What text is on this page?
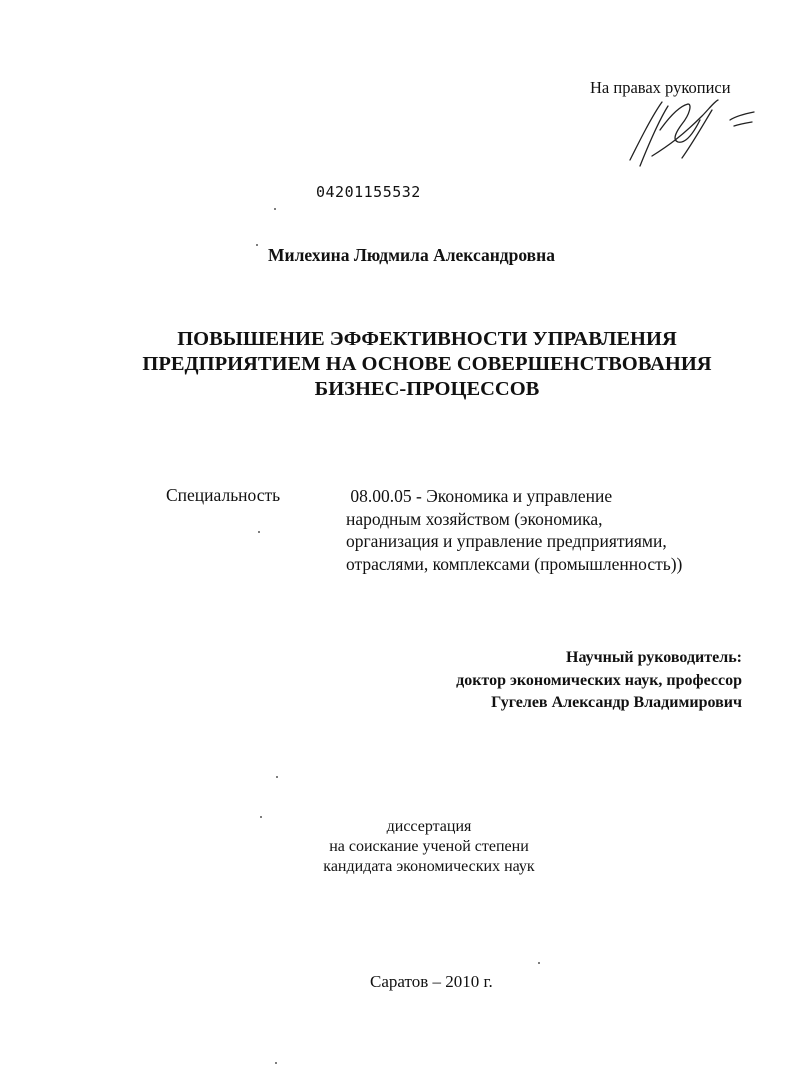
На правах рукописи
04201155532
Милехина Людмила Александровна
ПОВЫШЕНИЕ ЭФФЕКТИВНОСТИ УПРАВЛЕНИЯ
ПРЕДПРИЯТИЕМ НА ОСНОВЕ СОВЕРШЕНСТВОВАНИЯ
БИЗНЕС-ПРОЦЕССОВ
Специальность	08.00.05 - Экономика и управление
народным хозяйством (экономика,
организация и управление предприятиями,
отраслями, комплексами (промышленность))
Научный руководитель:
доктор экономических наук, профессор
Гугелев Александр Владимирович
диссертация
на соискание ученой степени
кандидата экономических наук
Саратов – 2010 г.
